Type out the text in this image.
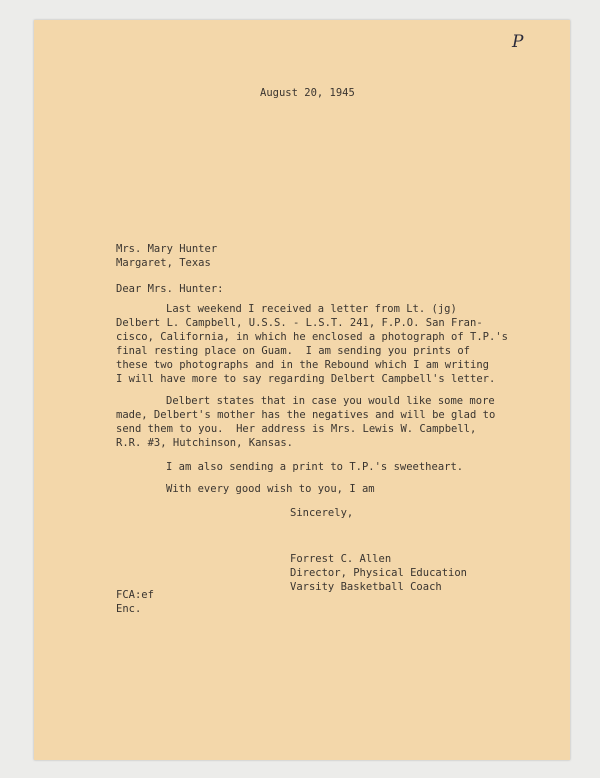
P
August 20, 1945
Mrs. Mary Hunter
Margaret, Texas
Dear Mrs. Hunter:
Last weekend I received a letter from Lt. (jg)
Delbert L. Campbell, U.S.S. - L.S.T. 241, F.P.O. San Fran-
cisco, California, in which he enclosed a photograph of T.P.'s
final resting place on Guam.  I am sending you prints of
these two photographs and in the Rebound which I am writing
I will have more to say regarding Delbert Campbell's letter.
Delbert states that in case you would like some more
made, Delbert's mother has the negatives and will be glad to
send them to you.  Her address is Mrs. Lewis W. Campbell,
R.R. #3, Hutchinson, Kansas.
I am also sending a print to T.P.'s sweetheart.
With every good wish to you, I am
Sincerely,
Forrest C. Allen
Director, Physical Education
Varsity Basketball Coach
FCA:ef
Enc.
